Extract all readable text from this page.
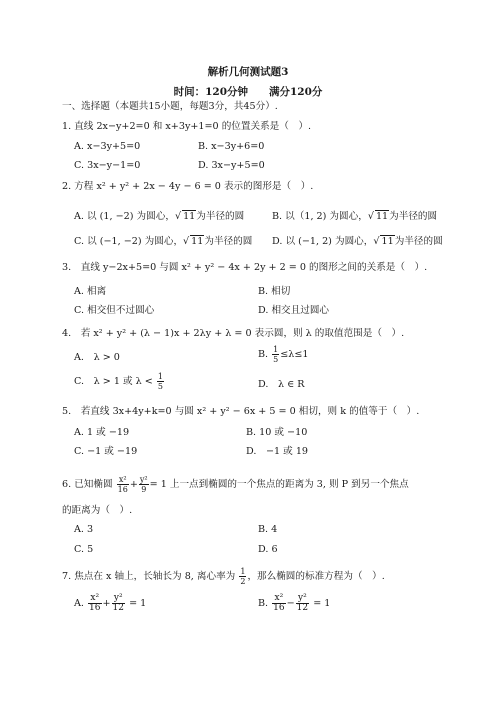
解析几何测试题3
时间：120分钟　　满分120分
一、选择题（本题共15小题，每题3分，共45分）.
1. 直线 2x−y+2=0 和 x+3y+1=0 的位置关系是（　）.
A. x−3y+5=0	B. x−3y+6=0
C. 3x−y−1=0	D. 3x−y+5=0
2. 方程 x² + y² + 2x − 4y − 6 = 0 表示的图形是（　）.
A. 以 (1, −2) 为圆心，√ 11为半径的圆	B. 以（1, 2) 为圆心，√ 11为半径的圆
C. 以 (−1, −2) 为圆心，√ 11为半径的圆 D. 以 (−1, 2) 为圆心，√ 11为半径的圆
3.　直线 y−2x+5=0 与圆 x² + y² − 4x + 2y + 2 = 0 的图形之间的关系是（　）.
A. 相离	B. 相切
C. 相交但不过圆心	D. 相交且过圆心
4.　若 x² + y² + (λ − 1)x + 2λy + λ = 0 表示圆，则 λ 的取值范围是（　）.
A.　λ > 0	B. $\frac{1}{5} \le\lambda\le 1$
C.　λ > 1 或 $\lambda < \frac{1}{5}$	D.　λ ∈ R
5.　若直线 3x+4y+k=0 与圆 x² + y² − 6x + 5 = 0 相切，则 k 的值等于（　）.
A. 1 或 −19	B. 10 或 −10
C. −1 或 −19	D.　−1 或 19
6. 已知椭圆 $\frac{\text{x²}}{16} + \frac{\text{y²}}{9} = 1$ 上一点到椭圆的一个焦点的距离为 3, 则 P 到另一个焦点
的距离为（　）.
A. 3	B. 4
C. 5	D. 6
7. 焦点在 x 轴上，长轴长为 8, 离心率为 $\frac{1}{2}$ ，那么椭圆的标准方程为（　）.
A. $\frac{\text{x²}}{16} + \frac{\text{y²}}{12} = 1$	B. $\frac{\text{x²}}{16} - \frac{\text{y²}}{12} = 1$
